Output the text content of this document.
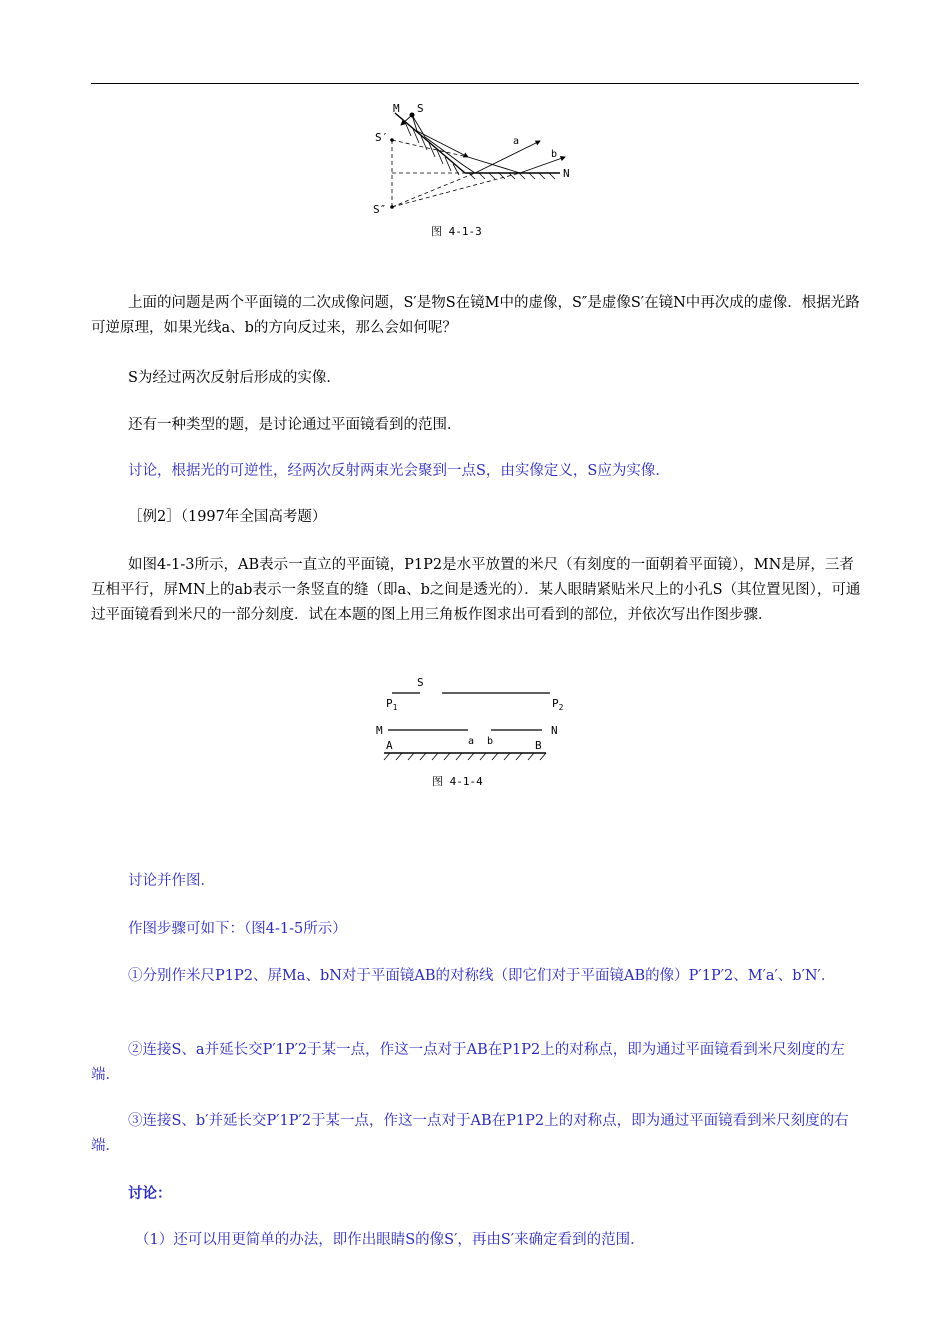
M S
S′
S″
N
a
b
图 4-1-3

上面的问题是两个平面镜的二次成像问题，S′是物S在镜M中的虚像，S″是虚像S′在镜N中再次成的虚像．根据光路可逆原理，如果光线a、b的方向反过来，那么会如何呢？

S为经过两次反射后形成的实像．

还有一种类型的题，是讨论通过平面镜看到的范围．

讨论，根据光的可逆性，经两次反射两束光会聚到一点S，由实像定义，S应为实像．

［例2］（1997年全国高考题）

如图4-1-3所示，AB表示一直立的平面镜，P1P2是水平放置的米尺（有刻度的一面朝着平面镜），MN是屏，三者互相平行，屏MN上的ab表示一条竖直的缝（即a、b之间是透光的）．某人眼睛紧贴米尺上的小孔S（其位置见图），可通过平面镜看到米尺的一部分刻度．试在本题的图上用三角板作图求出可看到的部位，并依次写出作图步骤．

S
$P_1$	$P_2$
M	N
A	B
a b
图 4-1-4

讨论并作图．

作图步骤可如下：（图4-1-5所示）

①分别作米尺P1P2、屏Ma、bN对于平面镜AB的对称线（即它们对于平面镜AB的像）P′1P′2、M′a′、b′N′．

②连接S、a并延长交P′1P′2于某一点，作这一点对于AB在P1P2上的对称点，即为通过平面镜看到米尺刻度的左端．

③连接S、b′并延长交P′1P′2于某一点，作这一点对于AB在P1P2上的对称点，即为通过平面镜看到米尺刻度的右端．

讨论：

（1）还可以用更简单的办法，即作出眼睛S的像S′，再由S′来确定看到的范围．
